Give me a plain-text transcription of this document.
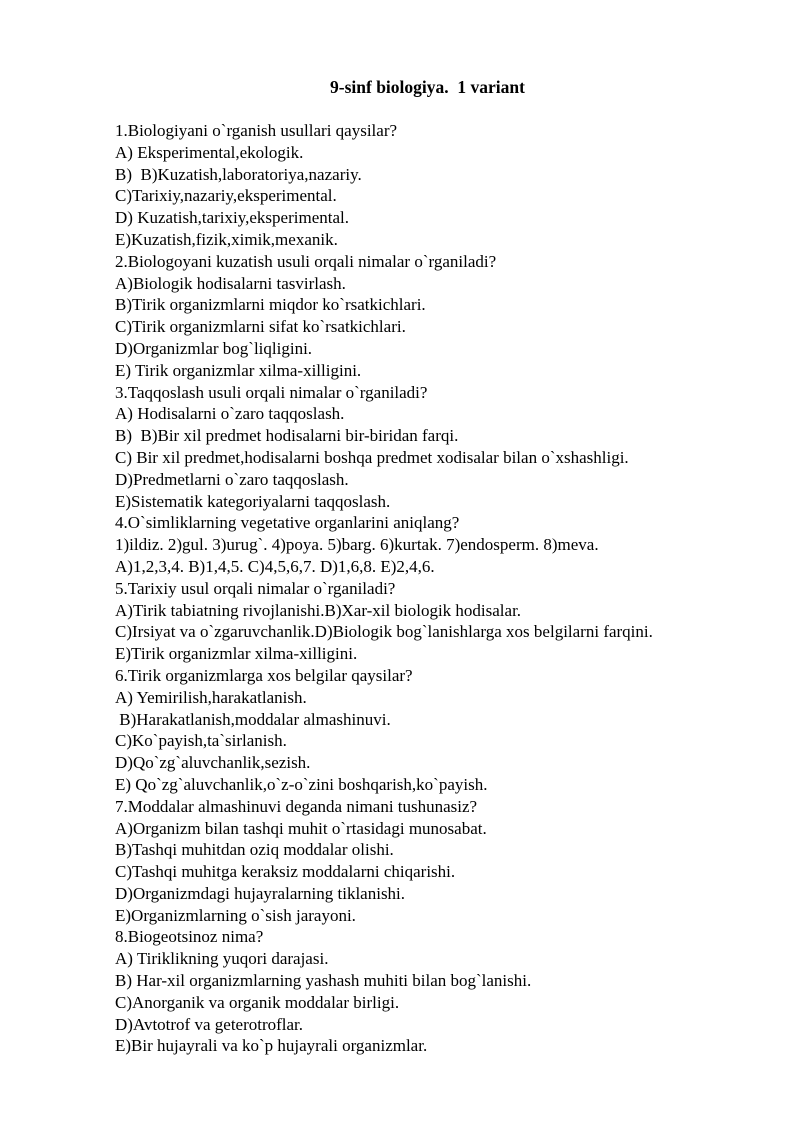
9-sinf biologiya.  1 variant
1.Biologiyani o`rganish usullari qaysilar?
A) Eksperimental,ekologik.
B)  B)Kuzatish,laboratoriya,nazariy.
C)Tarixiy,nazariy,eksperimental.
D) Kuzatish,tarixiy,eksperimental.
E)Kuzatish,fizik,ximik,mexanik.
2.Biologoyani kuzatish usuli orqali nimalar o`rganiladi?
A)Biologik hodisalarni tasvirlash.
B)Tirik organizmlarni miqdor ko`rsatkichlari.
C)Tirik organizmlarni sifat ko`rsatkichlari.
D)Organizmlar bog`liqligini.
E) Tirik organizmlar xilma-xilligini.
3.Taqqoslash usuli orqali nimalar o`rganiladi?
A) Hodisalarni o`zaro taqqoslash.
B)  B)Bir xil predmet hodisalarni bir-biridan farqi.
C) Bir xil predmet,hodisalarni boshqa predmet xodisalar bilan o`xshashligi.
D)Predmetlarni o`zaro taqqoslash.
E)Sistematik kategoriyalarni taqqoslash.
4.O`simliklarning vegetative organlarini aniqlang?
1)ildiz. 2)gul. 3)urug`. 4)poya. 5)barg. 6)kurtak. 7)endosperm. 8)meva.
A)1,2,3,4. B)1,4,5. C)4,5,6,7. D)1,6,8. E)2,4,6.
5.Tarixiy usul orqali nimalar o`rganiladi?
A)Tirik tabiatning rivojlanishi.B)Xar-xil biologik hodisalar.
C)Irsiyat va o`zgaruvchanlik.D)Biologik bog`lanishlarga xos belgilarni farqini.
E)Tirik organizmlar xilma-xilligini.
6.Tirik organizmlarga xos belgilar qaysilar?
A) Yemirilish,harakatlanish.
B)Harakatlanish,moddalar almashinuvi.
C)Ko`payish,ta`sirlanish.
D)Qo`zg`aluvchanlik,sezish.
E) Qo`zg`aluvchanlik,o`z-o`zini boshqarish,ko`payish.
7.Moddalar almashinuvi deganda nimani tushunasiz?
A)Organizm bilan tashqi muhit o`rtasidagi munosabat.
B)Tashqi muhitdan oziq moddalar olishi.
C)Tashqi muhitga keraksiz moddalarni chiqarishi.
D)Organizmdagi hujayralarning tiklanishi.
E)Organizmlarning o`sish jarayoni.
8.Biogeotsinoz nima?
A) Tiriklikning yuqori darajasi.
B) Har-xil organizmlarning yashash muhiti bilan bog`lanishi.
C)Anorganik va organik moddalar birligi.
D)Avtotrof va geterotroflar.
E)Bir hujayrali va ko`p hujayrali organizmlar.
